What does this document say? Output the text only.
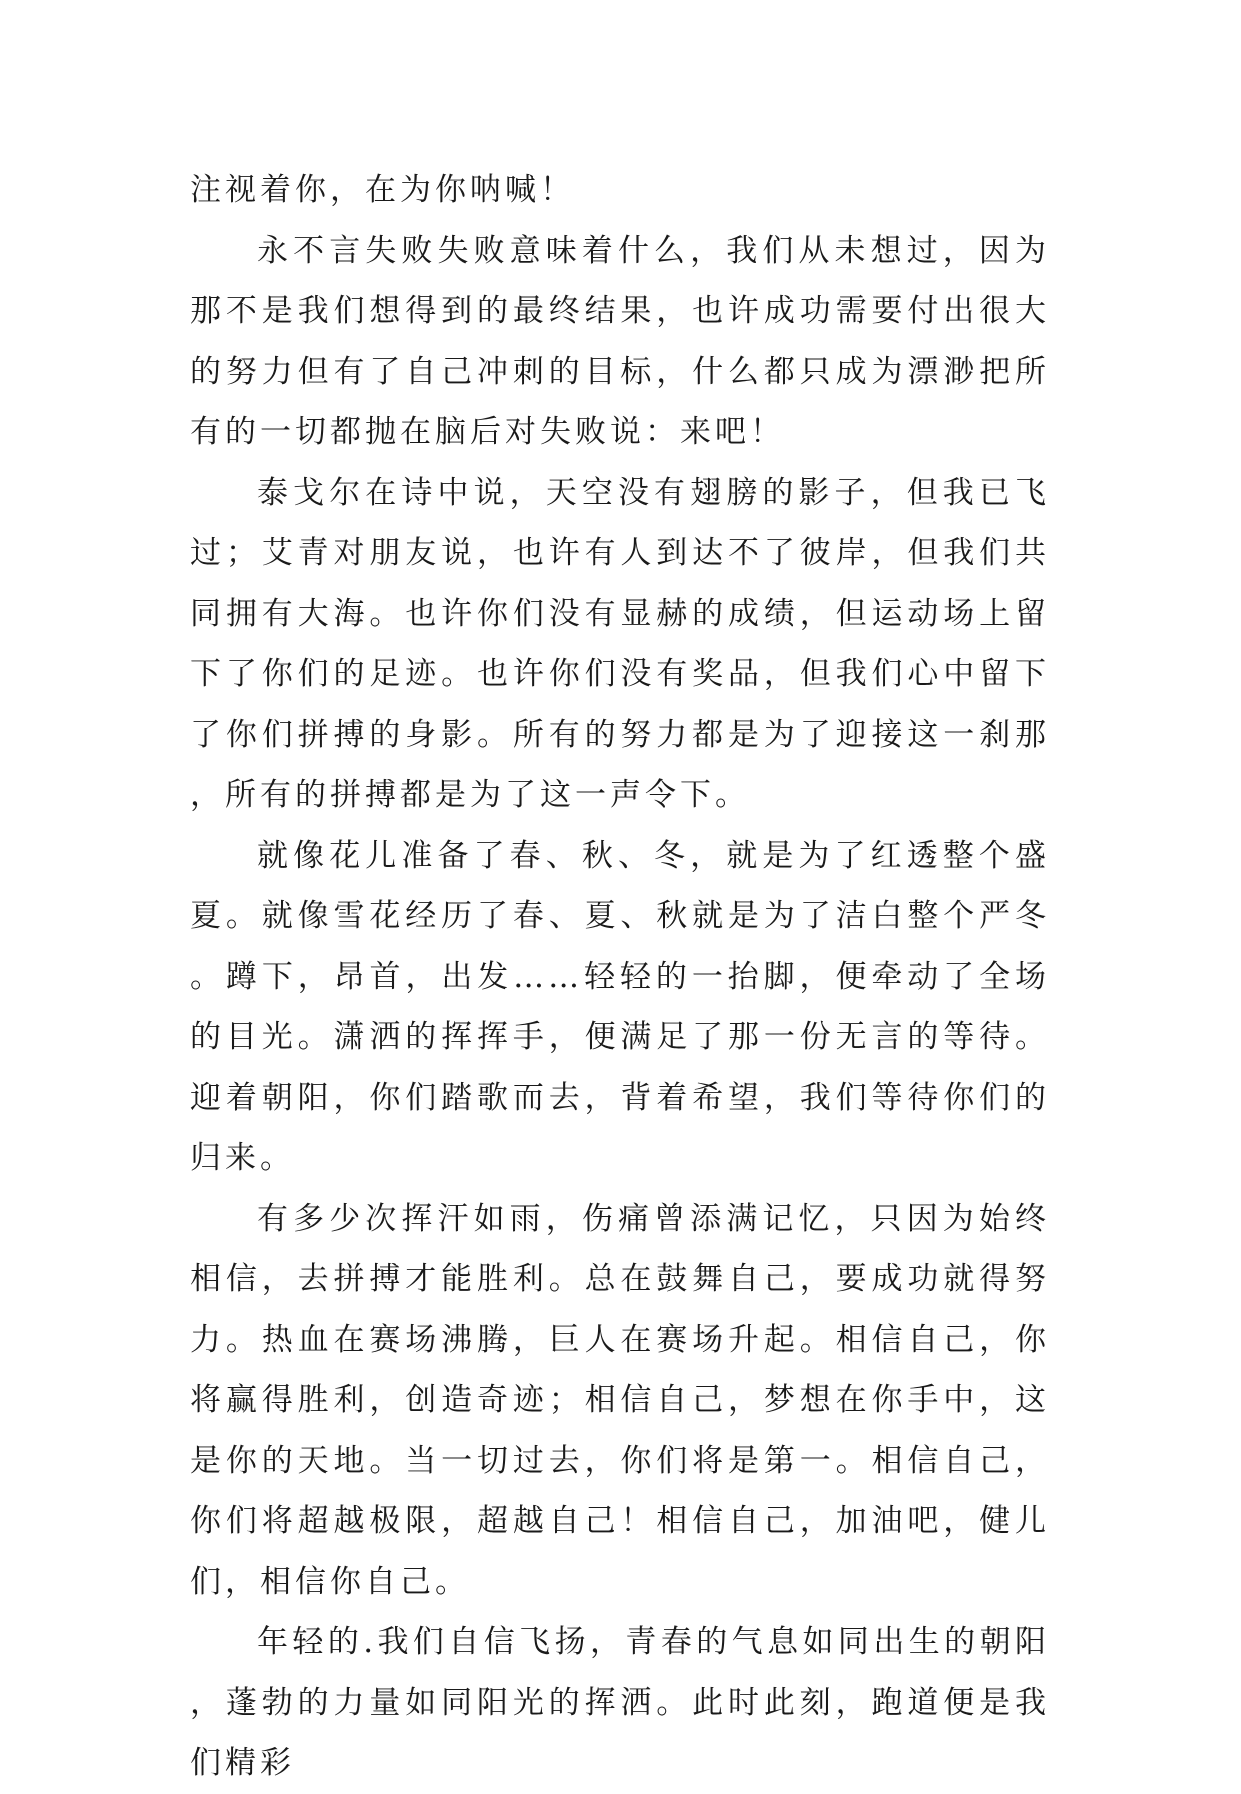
注视着你，在为你呐喊！

永不言失败失败意味着什么，我们从未想过，因为那不是我们想得到的最终结果，也许成功需要付出很大的努力但有了自己冲刺的目标，什么都只成为漂渺把所有的一切都抛在脑后对失败说：来吧！

泰戈尔在诗中说，天空没有翅膀的影子，但我已飞过；艾青对朋友说，也许有人到达不了彼岸，但我们共同拥有大海。也许你们没有显赫的成绩，但运动场上留下了你们的足迹。也许你们没有奖品，但我们心中留下了你们拼搏的身影。所有的努力都是为了迎接这一刹那，所有的拼搏都是为了这一声令下。

就像花儿准备了春、秋、冬，就是为了红透整个盛夏。就像雪花经历了春、夏、秋就是为了洁白整个严冬。蹲下，昂首，出发……轻轻的一抬脚，便牵动了全场的目光。潇洒的挥挥手，便满足了那一份无言的等待。迎着朝阳，你们踏歌而去，背着希望，我们等待你们的归来。

有多少次挥汗如雨，伤痛曾添满记忆，只因为始终相信，去拼搏才能胜利。总在鼓舞自己，要成功就得努力。热血在赛场沸腾，巨人在赛场升起。相信自己，你将赢得胜利，创造奇迹；相信自己，梦想在你手中，这是你的天地。当一切过去，你们将是第一。相信自己，你们将超越极限，超越自己！相信自己，加油吧，健儿们，相信你自己。

年轻的.我们自信飞扬，青春的气息如同出生的朝阳，蓬勃的力量如同阳光的挥洒。此时此刻，跑道便是我们精彩
